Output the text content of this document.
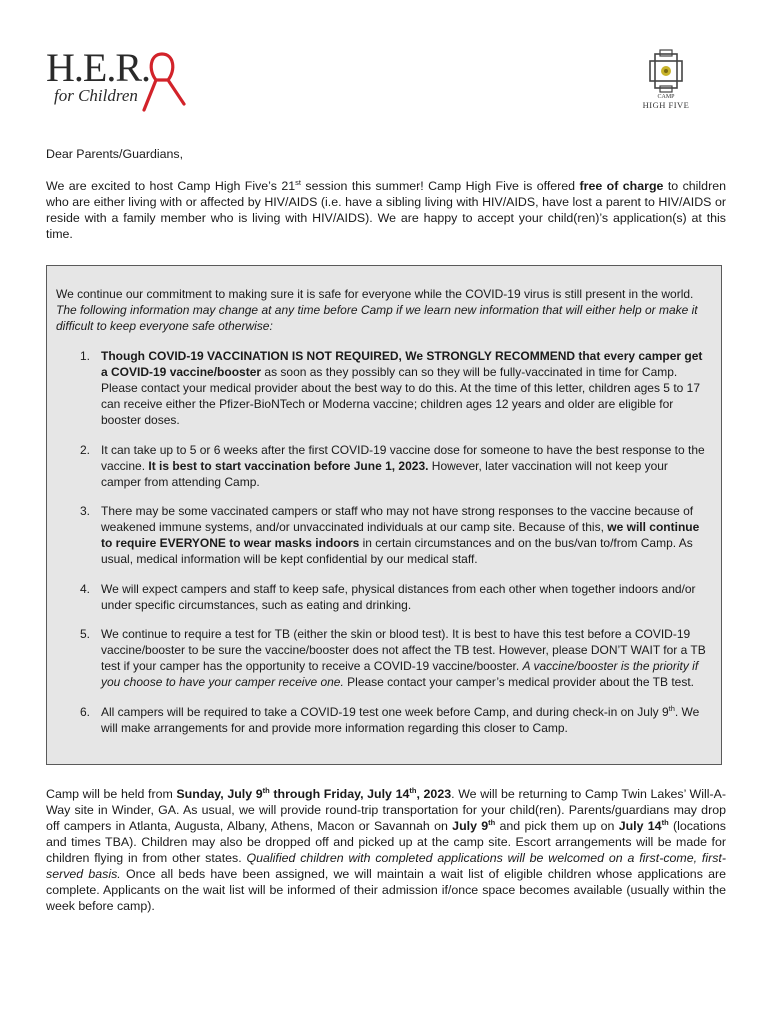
H.E.R.
for Children	CAMP
HIGH FIVE

Dear Parents/Guardians,

We are excited to host Camp High Five’s 21st session this summer! Camp High Five is offered free of charge to children who are either living with or affected by HIV/AIDS (i.e. have a sibling living with HIV/AIDS, have lost a parent to HIV/AIDS or reside with a family member who is living with HIV/AIDS). We are happy to accept your child(ren)’s application(s) at this time.

We continue our commitment to making sure it is safe for everyone while the COVID-19 virus is still present in the world. The following information may change at any time before Camp if we learn new information that will either help or make it difficult to keep everyone safe otherwise:

1. Though COVID-19 VACCINATION IS NOT REQUIRED, We STRONGLY RECOMMEND that every camper get a COVID-19 vaccine/booster as soon as they possibly can so they will be fully-vaccinated in time for Camp. Please contact your medical provider about the best way to do this. At the time of this letter, children ages 5 to 17 can receive either the Pfizer-BioNTech or Moderna vaccine; children ages 12 years and older are eligible for booster doses.
2. It can take up to 5 or 6 weeks after the first COVID-19 vaccine dose for someone to have the best response to the vaccine. It is best to start vaccination before June 1, 2023. However, later vaccination will not keep your camper from attending Camp.
3. There may be some vaccinated campers or staff who may not have strong responses to the vaccine because of weakened immune systems, and/or unvaccinated individuals at our camp site. Because of this, we will continue to require EVERYONE to wear masks indoors in certain circumstances and on the bus/van to/from Camp. As usual, medical information will be kept confidential by our medical staff.
4. We will expect campers and staff to keep safe, physical distances from each other when together indoors and/or under specific circumstances, such as eating and drinking.
5. We continue to require a test for TB (either the skin or blood test). It is best to have this test before a COVID-19 vaccine/booster to be sure the vaccine/booster does not affect the TB test. However, please DON’T WAIT for a TB test if your camper has the opportunity to receive a COVID-19 vaccine/booster. A vaccine/booster is the priority if you choose to have your camper receive one. Please contact your camper’s medical provider about the TB test.
6. All campers will be required to take a COVID-19 test one week before Camp, and during check-in on July 9th. We will make arrangements for and provide more information regarding this closer to Camp.

Camp will be held from Sunday, July 9th through Friday, July 14th, 2023. We will be returning to Camp Twin Lakes’ Will-A-Way site in Winder, GA. As usual, we will provide round-trip transportation for your child(ren). Parents/guardians may drop off campers in Atlanta, Augusta, Albany, Athens, Macon or Savannah on July 9th and pick them up on July 14th (locations and times TBA). Children may also be dropped off and picked up at the camp site. Escort arrangements will be made for children flying in from other states. Qualified children with completed applications will be welcomed on a first-come, first-served basis. Once all beds have been assigned, we will maintain a wait list of eligible children whose applications are complete. Applicants on the wait list will be informed of their admission if/once space becomes available (usually within the week before camp).
